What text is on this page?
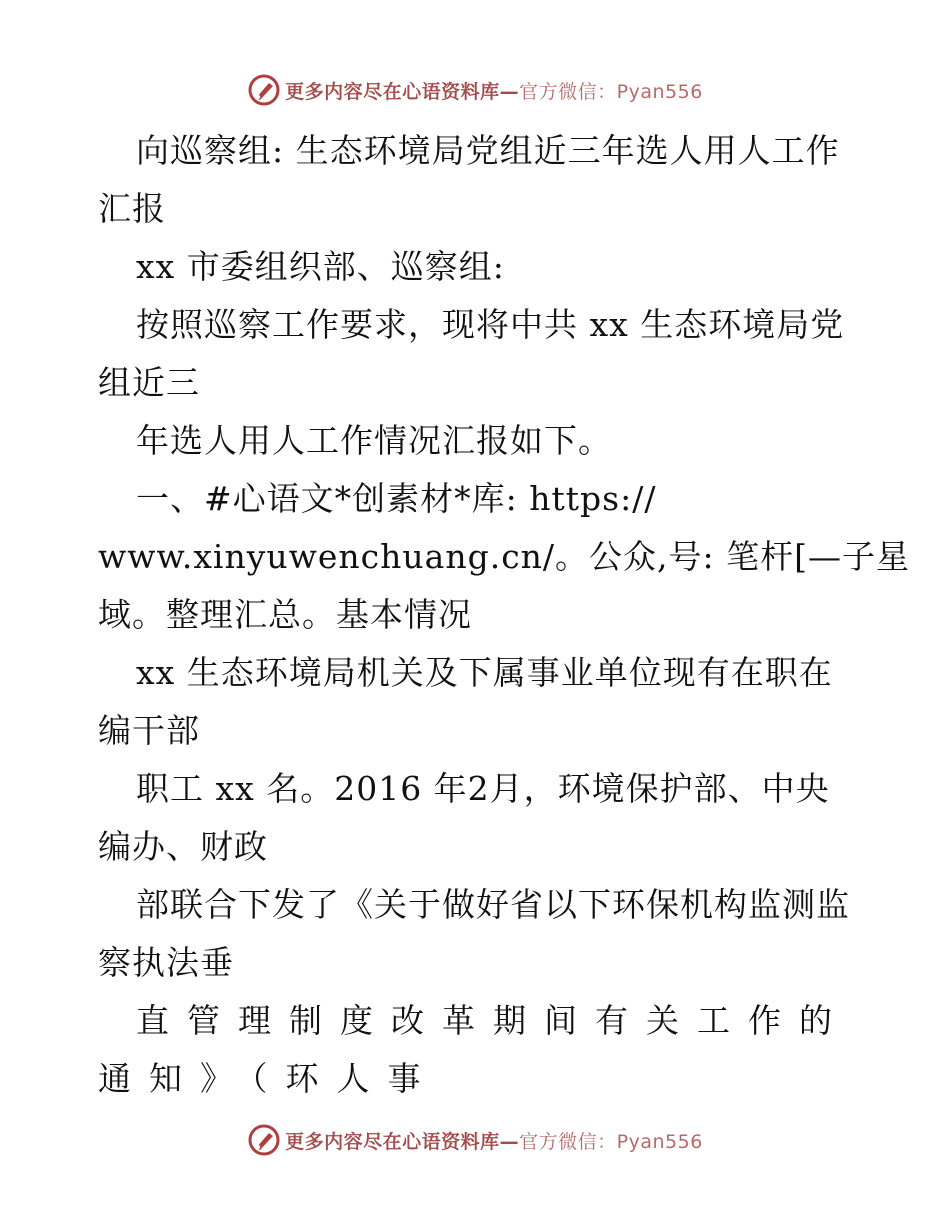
更多内容尽在心语资料库—官方微信：Pyan556
向巡察组: 生态环境局党组近三年选人用人工作
汇报
xx 市委组织部、巡察组:
按照巡察工作要求，现将中共 xx 生态环境局党
组近三
年选人用人工作情况汇报如下。
一、#心语文*创素材*库: https://
www.xinyuwenchuang.cn/。公众,号: 笔杆[—子星
域。整理汇总。基本情况
xx 生态环境局机关及下属事业单位现有在职在
编干部
职工 xx 名。2016 年2月，环境保护部、中央
编办、财政
部联合下发了《关于做好省以下环保机构监测监
察执法垂
直管理制度改革期间有关工作的
通知》（环人事
更多内容尽在心语资料库—官方微信：Pyan556
